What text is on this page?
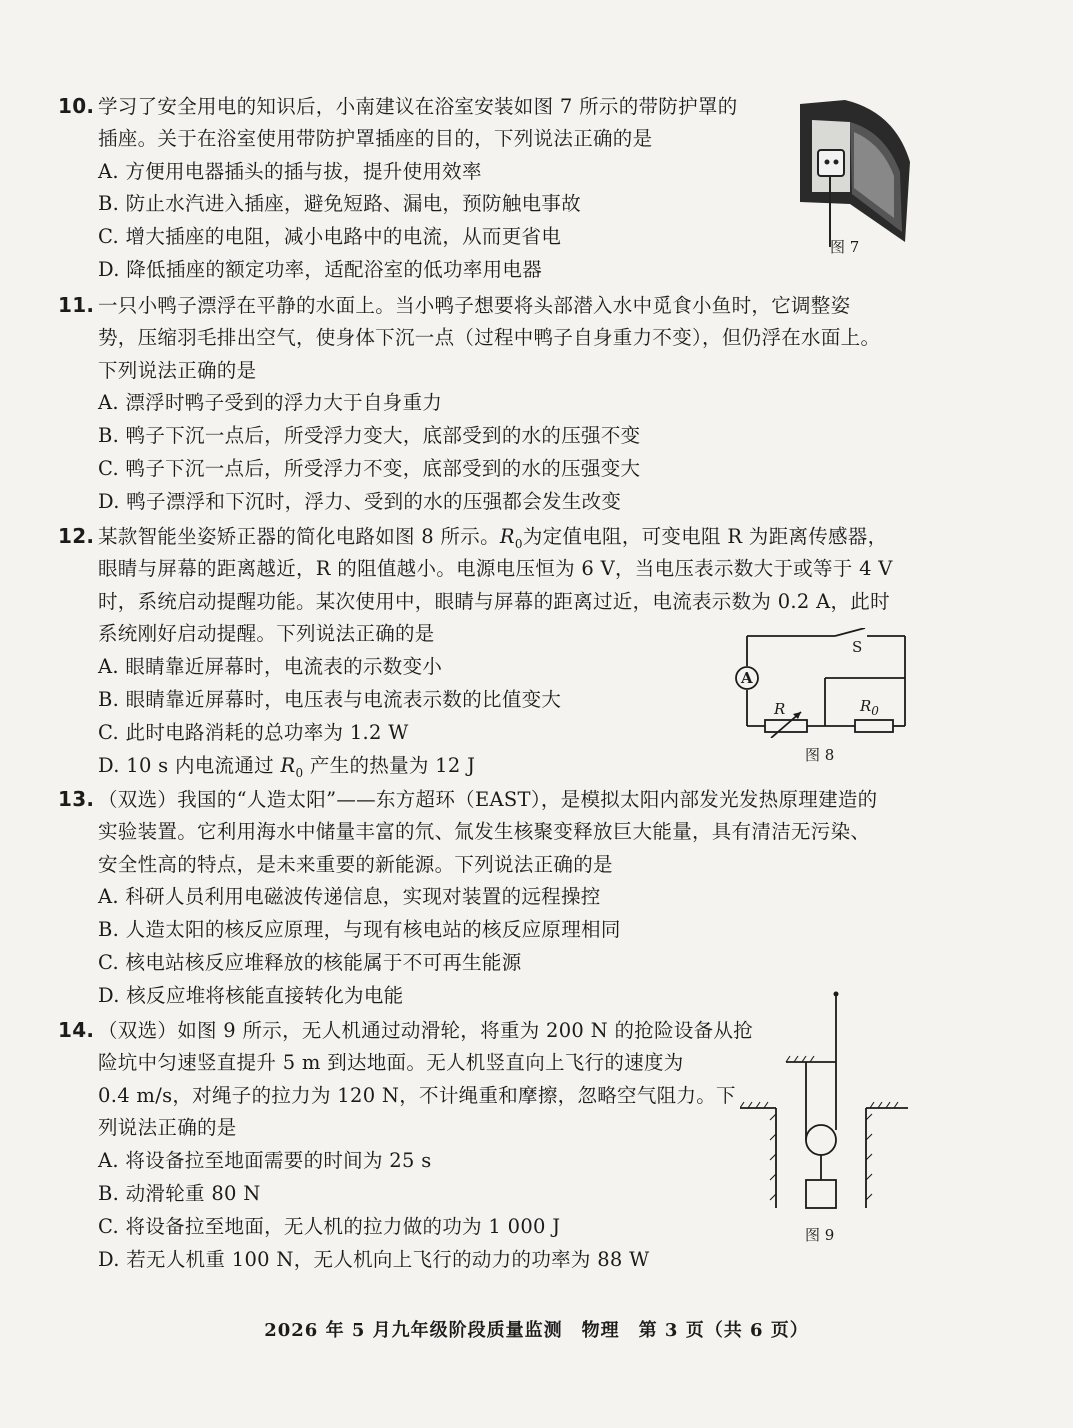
10. 学习了安全用电的知识后，小南建议在浴室安装如图 7 所示的带防护罩的
插座。关于在浴室使用带防护罩插座的目的，下列说法正确的是
A. 方便用电器插头的插与拔，提升使用效率
B. 防止水汽进入插座，避免短路、漏电，预防触电事故
C. 增大插座的电阻，减小电路中的电流，从而更省电
D. 降低插座的额定功率，适配浴室的低功率用电器
图 7
11. 一只小鸭子漂浮在平静的水面上。当小鸭子想要将头部潜入水中觅食小鱼时，它调整姿
势，压缩羽毛排出空气，使身体下沉一点（过程中鸭子自身重力不变），但仍浮在水面上。
下列说法正确的是
A. 漂浮时鸭子受到的浮力大于自身重力
B. 鸭子下沉一点后，所受浮力变大，底部受到的水的压强不变
C. 鸭子下沉一点后，所受浮力不变，底部受到的水的压强变大
D. 鸭子漂浮和下沉时，浮力、受到的水的压强都会发生改变
12. 某款智能坐姿矫正器的简化电路如图 8 所示。$R_0$为定值电阻，可变电阻 R 为距离传感器，
眼睛与屏幕的距离越近，R 的阻值越小。电源电压恒为 6 V，当电压表示数大于或等于 4 V
时，系统启动提醒功能。某次使用中，眼睛与屏幕的距离过近，电流表示数为 0.2 A，此时
系统刚好启动提醒。下列说法正确的是
A. 眼睛靠近屏幕时，电流表的示数变小
B. 眼睛靠近屏幕时，电压表与电流表示数的比值变大
C. 此时电路消耗的总功率为 1.2 W
D. 10 s 内电流通过 $R_0$ 产生的热量为 12 J
A
S
R	$R_0$
图 8
13. （双选）我国的“人造太阳”——东方超环（EAST），是模拟太阳内部发光发热原理建造的
实验装置。它利用海水中储量丰富的氘、氚发生核聚变释放巨大能量，具有清洁无污染、
安全性高的特点，是未来重要的新能源。下列说法正确的是
A. 科研人员利用电磁波传递信息，实现对装置的远程操控
B. 人造太阳的核反应原理，与现有核电站的核反应原理相同
C. 核电站核反应堆释放的核能属于不可再生能源
D. 核反应堆将核能直接转化为电能
14. （双选）如图 9 所示，无人机通过动滑轮，将重为 200 N 的抢险设备从抢
险坑中匀速竖直提升 5 m 到达地面。无人机竖直向上飞行的速度为
0.4 m/s，对绳子的拉力为 120 N，不计绳重和摩擦，忽略空气阻力。下
列说法正确的是
A. 将设备拉至地面需要的时间为 25 s
B. 动滑轮重 80 N
C. 将设备拉至地面，无人机的拉力做的功为 1 000 J
D. 若无人机重 100 N，无人机向上飞行的动力的功率为 88 W
图 9
2026 年 5 月九年级阶段质量监测　物理　第 3 页（共 6 页）
